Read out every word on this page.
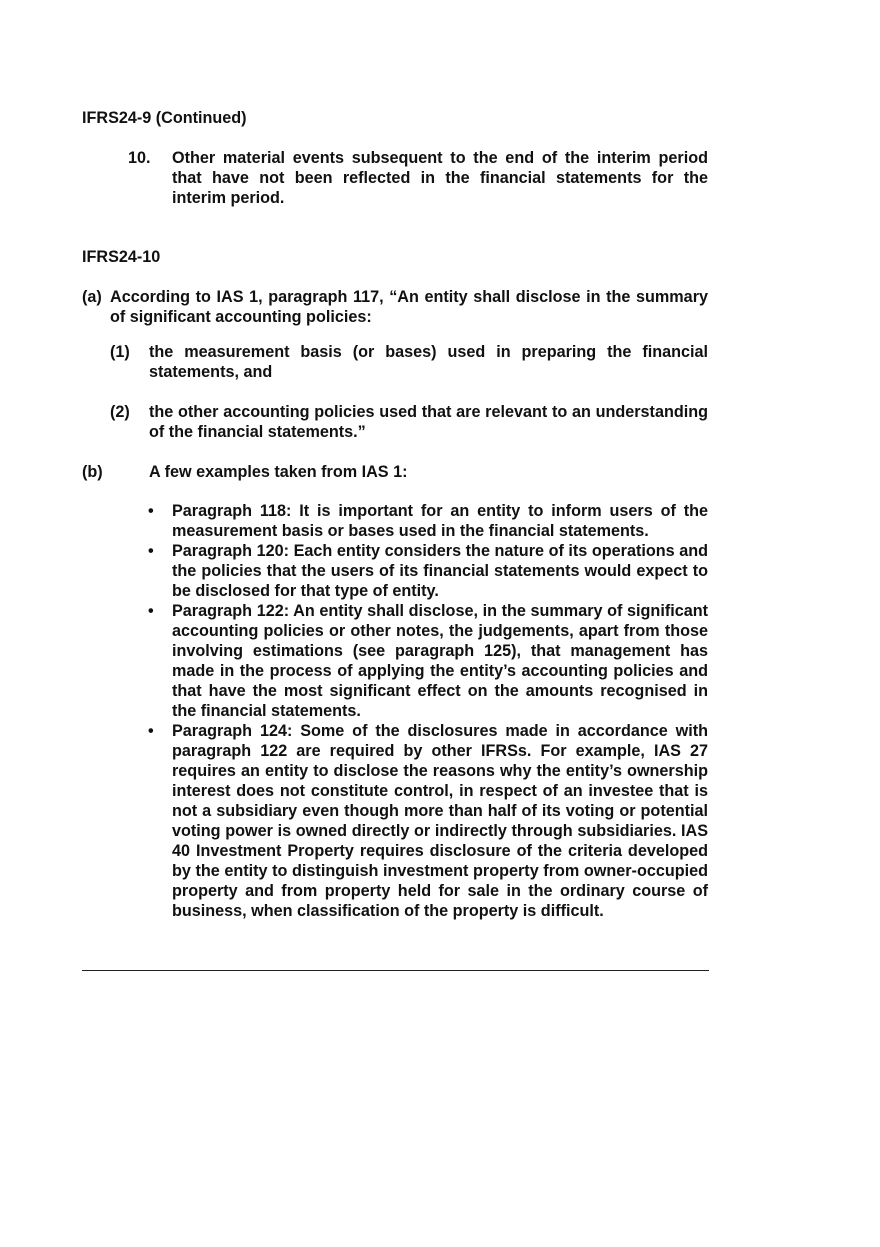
IFRS24-9 (Continued)
10. Other material events subsequent to the end of the interim period that have not been reflected in the financial statements for the interim period.
IFRS24-10
(a) According to IAS 1, paragraph 117, “An entity shall disclose in the summary of significant accounting policies:
(1) the measurement basis (or bases) used in preparing the financial statements, and
(2) the other accounting policies used that are relevant to an understanding of the financial statements.”
(b)	A few examples taken from IAS 1:
• Paragraph 118: It is important for an entity to inform users of the measurement basis or bases used in the financial statements.
• Paragraph 120: Each entity considers the nature of its operations and the policies that the users of its financial statements would expect to be disclosed for that type of entity.
• Paragraph 122: An entity shall disclose, in the summary of significant accounting policies or other notes, the judgements, apart from those involving estimations (see paragraph 125), that management has made in the process of applying the entity’s accounting policies and that have the most significant effect on the amounts recognised in the financial statements.
• Paragraph 124: Some of the disclosures made in accordance with paragraph 122 are required by other IFRSs. For example, IAS 27 requires an entity to disclose the reasons why the entity’s ownership interest does not constitute control, in respect of an investee that is not a subsidiary even though more than half of its voting or potential voting power is owned directly or indirectly through subsidiaries. IAS 40 Investment Property requires disclosure of the criteria developed by the entity to distinguish investment property from owner-occupied property and from property held for sale in the ordinary course of business, when classification of the property is difficult.
